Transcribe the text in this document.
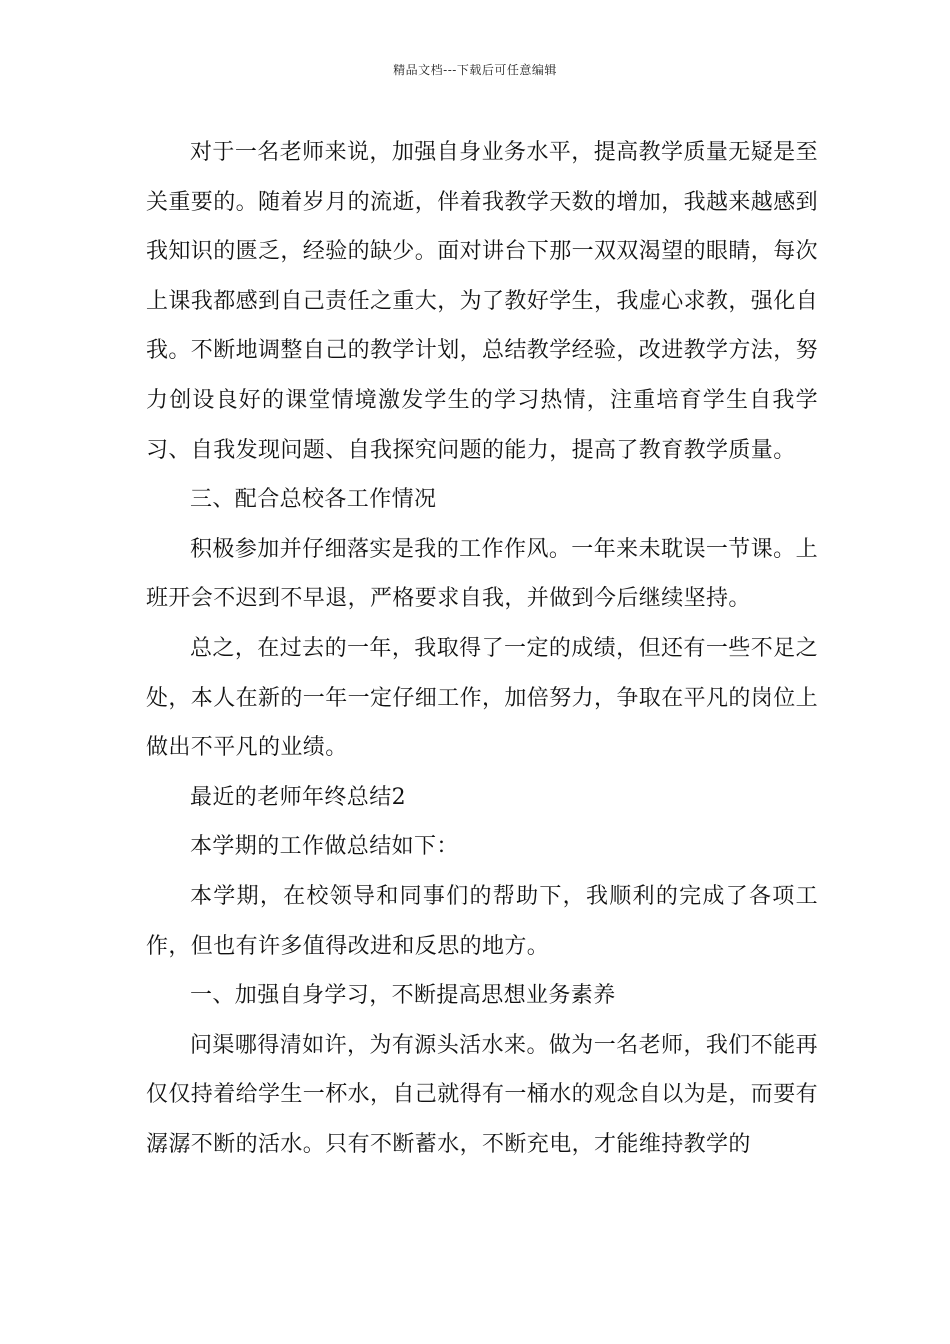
精品文档---下载后可任意编辑

对于一名老师来说，加强自身业务水平，提高教学质量无疑是至关重要的。随着岁月的流逝，伴着我教学天数的增加，我越来越感到我知识的匮乏，经验的缺少。面对讲台下那一双双渴望的眼睛，每次上课我都感到自己责任之重大，为了教好学生，我虚心求教，强化自我。不断地调整自己的教学计划，总结教学经验，改进教学方法，努力创设良好的课堂情境激发学生的学习热情，注重培育学生自我学习、自我发现问题、自我探究问题的能力，提高了教育教学质量。

三、配合总校各工作情况

积极参加并仔细落实是我的工作作风。一年来未耽误一节课。上班开会不迟到不早退，严格要求自我，并做到今后继续坚持。

总之，在过去的一年，我取得了一定的成绩，但还有一些不足之处，本人在新的一年一定仔细工作，加倍努力，争取在平凡的岗位上做出不平凡的业绩。

最近的老师年终总结2

本学期的工作做总结如下：

本学期，在校领导和同事们的帮助下，我顺利的完成了各项工作，但也有许多值得改进和反思的地方。

一、加强自身学习，不断提高思想业务素养

问渠哪得清如许，为有源头活水来。做为一名老师，我们不能再仅仅持着给学生一杯水，自己就得有一桶水的观念自以为是，而要有潺潺不断的活水。只有不断蓄水，不断充电，才能维持教学的
